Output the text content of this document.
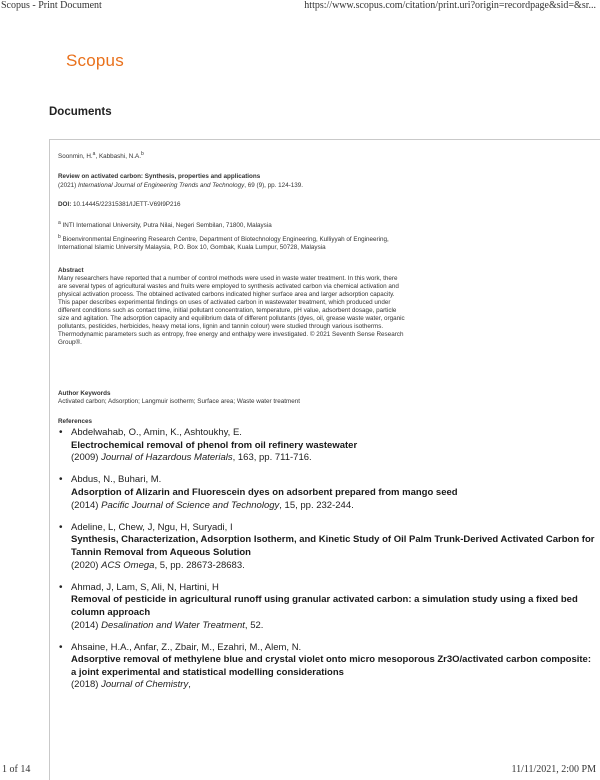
Scopus - Print Document	https://www.scopus.com/citation/print.uri?origin=recordpage&sid=&sr...
1 of 14	11/11/2021, 2:00 PM
Scopus
Documents
Soonmin, H.$^a$, Kabbashi, N.A.$^b$
Review on activated carbon: Synthesis, properties and applications
(2021) International Journal of Engineering Trends and Technology, 69 (9), pp. 124-139.
DOI: 10.14445/22315381/IJETT-V69I9P216
$^a$ INTI International University, Putra Nilai, Negeri Sembilan, 71800, Malaysia
$^b$ Bioenvironmental Engineering Research Centre, Department of Biotechnology Engineering, Kulliyyah of Engineering,
International Islamic University Malaysia, P.O. Box 10, Gombak, Kuala Lumpur, 50728, Malaysia
Abstract
Many researchers have reported that a number of control methods were used in waste water treatment. In this work, there
are several types of agricultural wastes and fruits were employed to synthesis activated carbon via chemical activation and
physical activation process. The obtained activated carbons indicated higher surface area and larger adsorption capacity.
This paper describes experimental findings on uses of activated carbon in wastewater treatment, which produced under
different conditions such as contact time, initial pollutant concentration, temperature, pH value, adsorbent dosage, particle
size and agitation. The adsorption capacity and equilibrium data of different pollutants (dyes, oil, grease waste water, organic
pollutants, pesticides, herbicides, heavy metal ions, lignin and tannin colour) were studied through various isotherms.
Thermodynamic parameters such as entropy, free energy and enthalpy were investigated. © 2021 Seventh Sense Research
Group®.
Author Keywords
Activated carbon; Adsorption; Langmuir isotherm; Surface area; Waste water treatment
References
• Abdelwahab, O., Amin, K., Ashtoukhy, E.
Electrochemical removal of phenol from oil refinery wastewater
(2009) Journal of Hazardous Materials, 163, pp. 711-716.
• Abdus, N., Buhari, M.
Adsorption of Alizarin and Fluorescein dyes on adsorbent prepared from mango seed
(2014) Pacific Journal of Science and Technology, 15, pp. 232-244.
• Adeline, L, Chew, J, Ngu, H, Suryadi, I
Synthesis, Characterization, Adsorption Isotherm, and Kinetic Study of Oil Palm Trunk-Derived Activated Carbon for Tannin Removal from Aqueous Solution
(2020) ACS Omega, 5, pp. 28673-28683.
• Ahmad, J, Lam, S, Ali, N, Hartini, H
Removal of pesticide in agricultural runoff using granular activated carbon: a simulation study using a fixed bed column approach
(2014) Desalination and Water Treatment, 52.
• Ahsaine, H.A., Anfar, Z., Zbair, M., Ezahri, M., Alem, N.
Adsorptive removal of methylene blue and crystal violet onto micro mesoporous Zr3O/activated carbon composite: a joint experimental and statistical modelling considerations
(2018) Journal of Chemistry,
